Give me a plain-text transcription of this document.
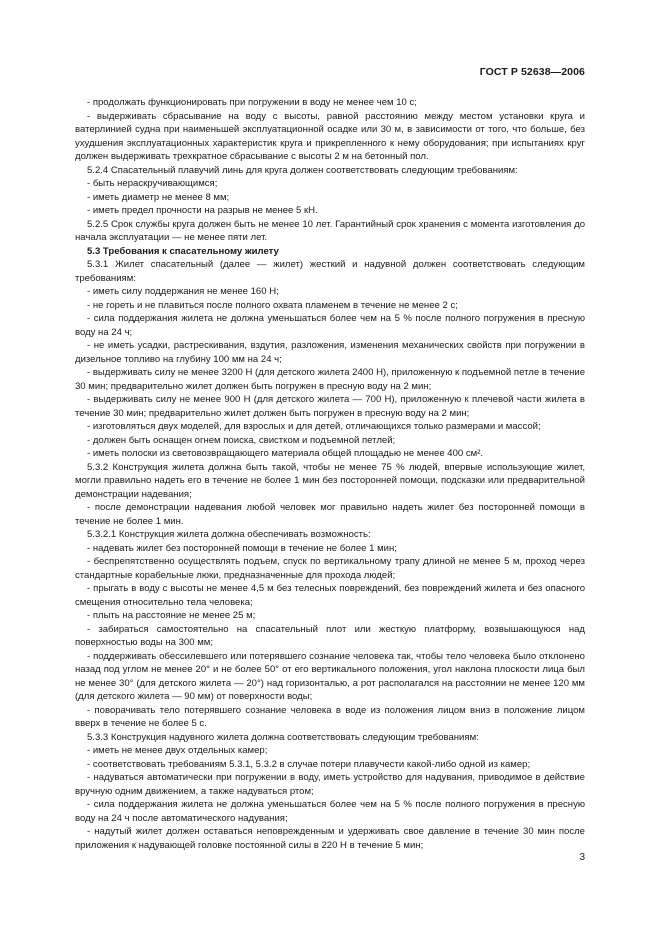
ГОСТ Р 52638—2006

- продолжать функционировать при погружении в воду не менее чем 10 с;

- выдерживать сбрасывание на воду с высоты, равной расстоянию между местом установки круга и ватерлинией судна при наименьшей эксплуатационной осадке или 30 м, в зависимости от того, что больше, без ухудшения эксплуатационных характеристик круга и прикрепленного к нему оборудования; при испытаниях круг должен выдерживать трехкратное сбрасывание с высоты 2 м на бетонный пол.

5.2.4 Спасательный плавучий линь для круга должен соответствовать следующим требованиям:

- быть нераскручивающимся;

- иметь диаметр не менее 8 мм;

- иметь предел прочности на разрыв не менее 5 кН.

5.2.5 Срок службы круга должен быть не менее 10 лет. Гарантийный срок хранения с момента изготовления до начала эксплуатации — не менее пяти лет.

5.3 Требования к спасательному жилету

5.3.1 Жилет спасательный (далее — жилет) жесткий и надувной должен соответствовать следующим требованиям:

- иметь силу поддержания не менее 160 Н;

- не гореть и не плавиться после полного охвата пламенем в течение не менее 2 с;

- сила поддержания жилета не должна уменьшаться более чем на 5 % после полного погружения в пресную воду на 24 ч;

- не иметь усадки, растрескивания, вздутия, разложения, изменения механических свойств при погружении в дизельное топливо на глубину 100 мм на 24 ч;

- выдерживать силу не менее 3200 Н (для детского жилета 2400 Н), приложенную к подъемной петле в течение 30 мин; предварительно жилет должен быть погружен в пресную воду на 2 мин;

- выдерживать силу не менее 900 Н (для детского жилета — 700 Н), приложенную к плечевой части жилета в течение 30 мин; предварительно жилет должен быть погружен в пресную воду на 2 мин;

- изготовляться двух моделей, для взрослых и для детей, отличающихся только размерами и массой;

- должен быть оснащен огнем поиска, свистком и подъемной петлей;

- иметь полоски из световозвращающего материала общей площадью не менее 400 см².

5.3.2 Конструкция жилета должна быть такой, чтобы не менее 75 % людей, впервые использующие жилет, могли правильно надеть его в течение не более 1 мин без посторонней помощи, подсказки или предварительной демонстрации надевания;

- после демонстрации надевания любой человек мог правильно надеть жилет без посторонней помощи в течение не более 1 мин.

5.3.2.1 Конструкция жилета должна обеспечивать возможность:

- надевать жилет без посторонней помощи в течение не более 1 мин;

- беспрепятственно осуществлять подъем, спуск по вертикальному трапу длиной не менее 5 м, проход через стандартные корабельные люки, предназначенные для прохода людей;

- прыгать в воду с высоты не менее 4,5 м без телесных повреждений, без повреждений жилета и без опасного смещения относительно тела человека;

- плыть на расстояние не менее 25 м;

- забираться самостоятельно на спасательный плот или жесткую платформу, возвышающуюся над поверхностью воды на 300 мм;

- поддерживать обессилевшего или потерявшего сознание человека так, чтобы тело человека было отклонено назад под углом не менее 20° и не более 50° от его вертикального положения, угол наклона плоскости лица был не менее 30° (для детского жилета — 20°) над горизонталью, а рот располагался на расстоянии не менее 120 мм (для детского жилета — 90 мм) от поверхности воды;

- поворачивать тело потерявшего сознание человека в воде из положения лицом вниз в положение лицом вверх в течение не более 5 с.

5.3.3 Конструкция надувного жилета должна соответствовать следующим требованиям:

- иметь не менее двух отдельных камер;

- соответствовать требованиям 5.3.1, 5.3.2 в случае потери плавучести какой-либо одной из камер;

- надуваться автоматически при погружении в воду, иметь устройство для надувания, приводимое в действие вручную одним движением, а также надуваться ртом;

- сила поддержания жилета не должна уменьшаться более чем на 5 % после полного погружения в пресную воду на 24 ч после автоматического надувания;

- надутый жилет должен оставаться неповрежденным и удерживать свое давление в течение 30 мин после приложения к надувающей головке постоянной силы в 220 Н в течение 5 мин;

3
